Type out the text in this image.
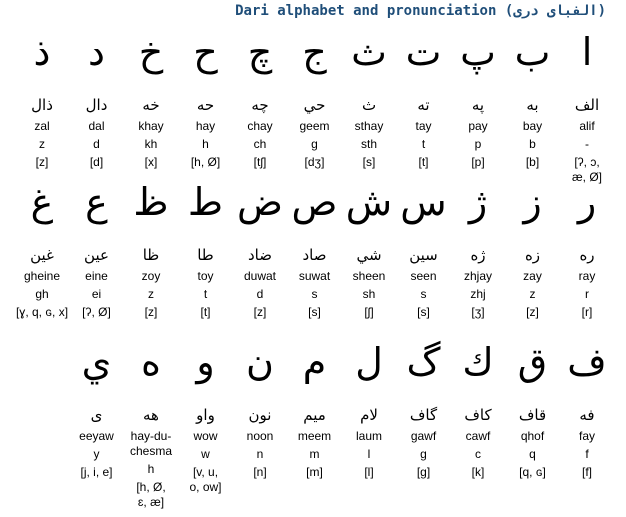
Dari alphabet and pronunciation (الفبای دری)
ا
الف
alif
-
[ʔ, ɔ,
æ, Ø]
ب
به
bay
b
[b]
پ
په
pay
p
[p]
ت
ته
tay
t
[t]
ث
ث
sthay
sth
[s]
ج
حي
geem
g
[dʒ]
چ
چه
chay
ch
[tʃ]
ح
حه
hay
h
[h, Ø]
خ
خه
khay
kh
[x]
د
دال
dal
d
[d]
ذ
ذال
zal
z
[z]
ر
ره
ray
r
[r]
ز
زه
zay
z
[z]
ژ
ژه
zhjay
zhj
[ʒ]
س
سين
seen
s
[s]
ش
شي
sheen
sh
[ʃ]
ص
صاد
suwat
s
[s]
ض
ضاد
duwat
d
[z]
ط
طا
toy
t
[t]
ظ
ظا
zoy
z
[z]
ع
عين
eine
ei
[ʔ, Ø]
غ
غين
gheine
gh
[ɣ, q, ɢ, x]
ف
فه
fay
f
[f]
ق
قاف
qhof
q
[q, ɢ]
ك
كاف
cawf
c
[k]
گ
گاف
gawf
g
[g]
ل
لام
laum
l
[l]
م
ميم
meem
m
[m]
ن
نون
noon
n
[n]
و
واو
wow
w
[v, u,
o, ow]
ه
هه
hay-du-
chesma
h
[h, Ø,
ɛ, æ]
ي
ى
eeyaw
y
[j, i, e]
